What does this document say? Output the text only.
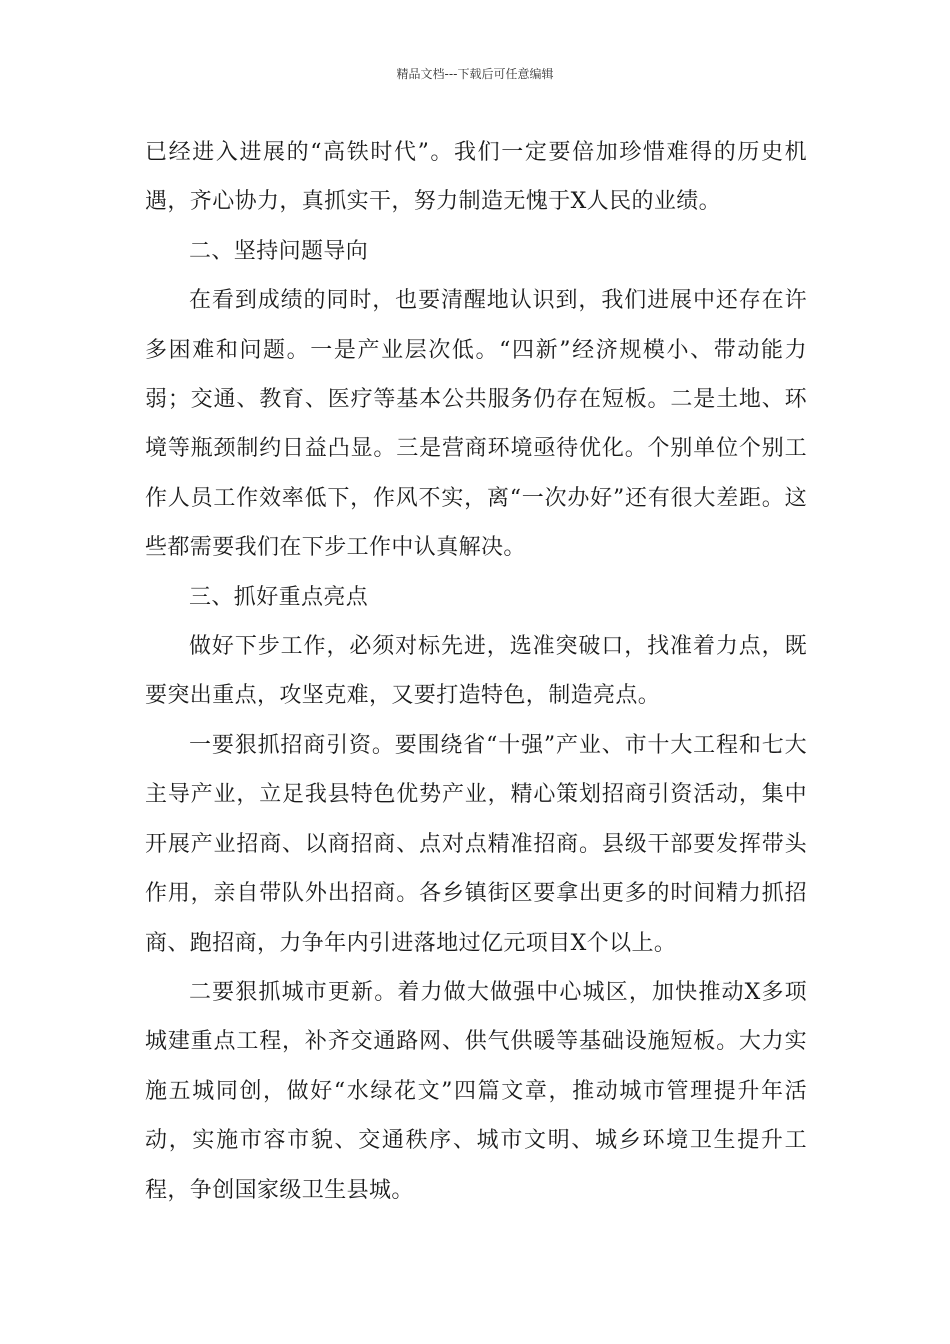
精品文档---下载后可任意编辑

已经进入进展的“高铁时代”。我们一定要倍加珍惜难得的历史机遇，齐心协力，真抓实干，努力制造无愧于X人民的业绩。

二、坚持问题导向

在看到成绩的同时，也要清醒地认识到，我们进展中还存在许多困难和问题。一是产业层次低。“四新”经济规模小、带动能力弱；交通、教育、医疗等基本公共服务仍存在短板。二是土地、环境等瓶颈制约日益凸显。三是营商环境亟待优化。个别单位个别工作人员工作效率低下，作风不实，离“一次办好”还有很大差距。这些都需要我们在下步工作中认真解决。

三、抓好重点亮点

做好下步工作，必须对标先进，选准突破口，找准着力点，既要突出重点，攻坚克难，又要打造特色，制造亮点。

一要狠抓招商引资。要围绕省“十强”产业、市十大工程和七大主导产业，立足我县特色优势产业，精心策划招商引资活动，集中开展产业招商、以商招商、点对点精准招商。县级干部要发挥带头作用，亲自带队外出招商。各乡镇街区要拿出更多的时间精力抓招商、跑招商，力争年内引进落地过亿元项目X个以上。

二要狠抓城市更新。着力做大做强中心城区，加快推动X多项城建重点工程，补齐交通路网、供气供暖等基础设施短板。大力实施五城同创，做好“水绿花文”四篇文章，推动城市管理提升年活动，实施市容市貌、交通秩序、城市文明、城乡环境卫生提升工程，争创国家级卫生县城。
